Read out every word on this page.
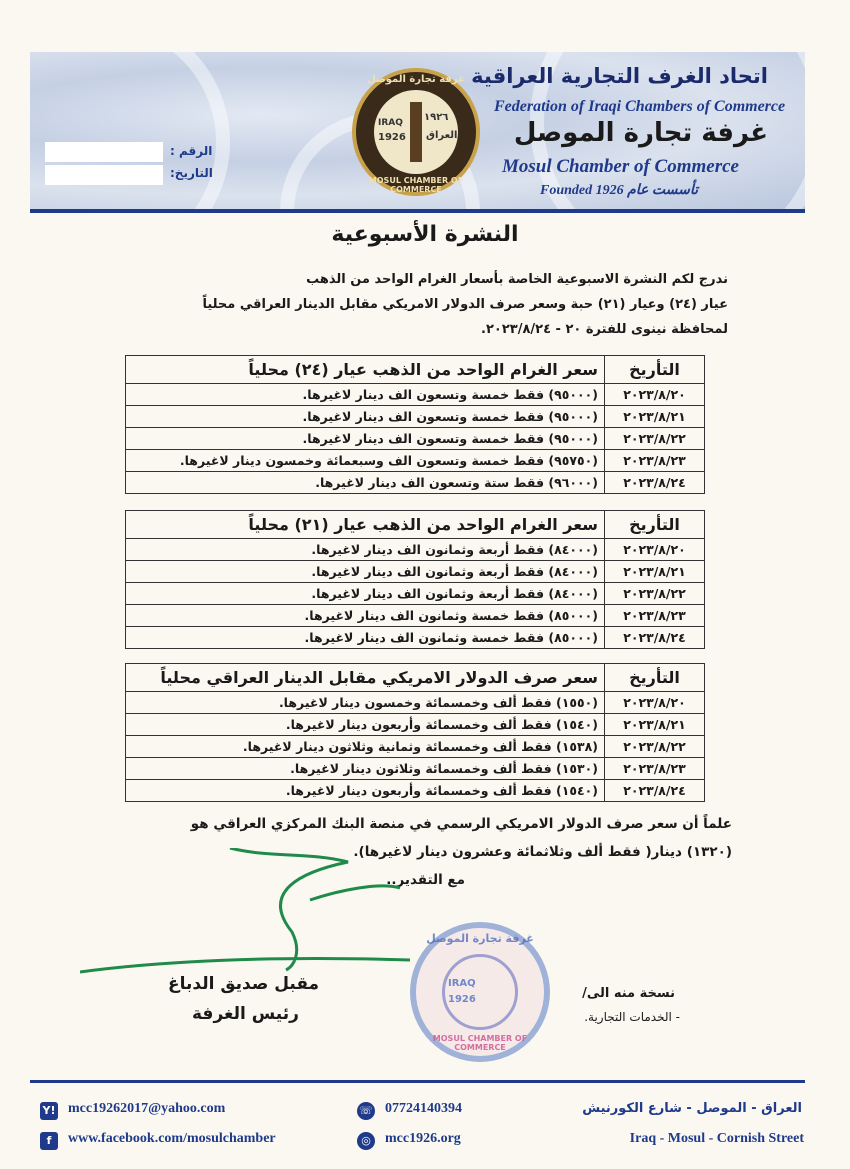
الرقم :
التاريخ:
غرفة تجارة الموصل
IRAQ
1926
١٩٢٦
العراق
MOSUL CHAMBER OF COMMERCE
اتحاد الغرف التجارية العراقية
Federation of Iraqi Chambers of Commerce
غرفة تجارة الموصل
Mosul Chamber of Commerce
Founded 1926 تأسست عام
النشرة الأسبوعية
ندرج لكم النشرة الاسبوعية الخاصة بأسعار الغرام الواحد من الذهب
عيار (٢٤) وعيار (٢١) حبة وسعر صرف الدولار الامريكي مقابل الدينار العراقي محلياً
لمحافظة نينوى للفترة ٢٠ - ٢٠٢٣/٨/٢٤.
التأريخ	سعر الغرام الواحد من الذهب عيار (٢٤) محلياً
٢٠٢٣/٨/٢٠	(٩٥٠٠٠) فقط خمسة وتسعون الف دينار لاغيرها.
٢٠٢٣/٨/٢١	(٩٥٠٠٠) فقط خمسة وتسعون الف دينار لاغيرها.
٢٠٢٣/٨/٢٢	(٩٥٠٠٠) فقط خمسة وتسعون الف دينار لاغيرها.
٢٠٢٣/٨/٢٣	(٩٥٧٥٠) فقط خمسة وتسعون الف وسبعمائة وخمسون دينار لاغيرها.
٢٠٢٣/٨/٢٤	(٩٦٠٠٠) فقط ستة وتسعون الف دينار لاغيرها.
التأريخ	سعر الغرام الواحد من الذهب عيار (٢١) محلياً
٢٠٢٣/٨/٢٠	(٨٤٠٠٠) فقط أربعة وثمانون الف دينار لاغيرها.
٢٠٢٣/٨/٢١	(٨٤٠٠٠) فقط أربعة وثمانون الف دينار لاغيرها.
٢٠٢٣/٨/٢٢	(٨٤٠٠٠) فقط أربعة وثمانون الف دينار لاغيرها.
٢٠٢٣/٨/٢٣	(٨٥٠٠٠) فقط خمسة وثمانون الف دينار لاغيرها.
٢٠٢٣/٨/٢٤	(٨٥٠٠٠) فقط خمسة وثمانون الف دينار لاغيرها.
التأريخ	سعر صرف الدولار الامريكي مقابل الدينار العراقي محلياً
٢٠٢٣/٨/٢٠	(١٥٥٠) فقط ألف وخمسمائة وخمسون دينار لاغيرها.
٢٠٢٣/٨/٢١	(١٥٤٠) فقط ألف وخمسمائة وأربعون دينار لاغيرها.
٢٠٢٣/٨/٢٢	(١٥٣٨) فقط ألف وخمسمائة وثمانية وثلاثون دينار لاغيرها.
٢٠٢٣/٨/٢٣	(١٥٣٠) فقط ألف وخمسمائة وثلاثون دينار لاغيرها.
٢٠٢٣/٨/٢٤	(١٥٤٠) فقط ألف وخمسمائة وأربعون دينار لاغيرها.
علماً أن سعر صرف الدولار الامريكي الرسمي في منصة البنك المركزي العراقي هو
(١٣٢٠) دينار( فقط ألف وثلاثمائة وعشرون دينار لاغيرها).
مع التقدير..
مقبل صديق الدباغ
رئيس الغرفة
غرفة تجارة الموصل
IRAQ
1926
MOSUL CHAMBER OF COMMERCE
نسخة منه الى/
- الخدمات التجارية.
Y! mcc19262017@yahoo.com
f	www.facebook.com/mosulchamber
☏ 07724140394
◎	mcc1926.org
العراق - الموصل - شارع الكورنيش
Iraq - Mosul - Cornish Street
